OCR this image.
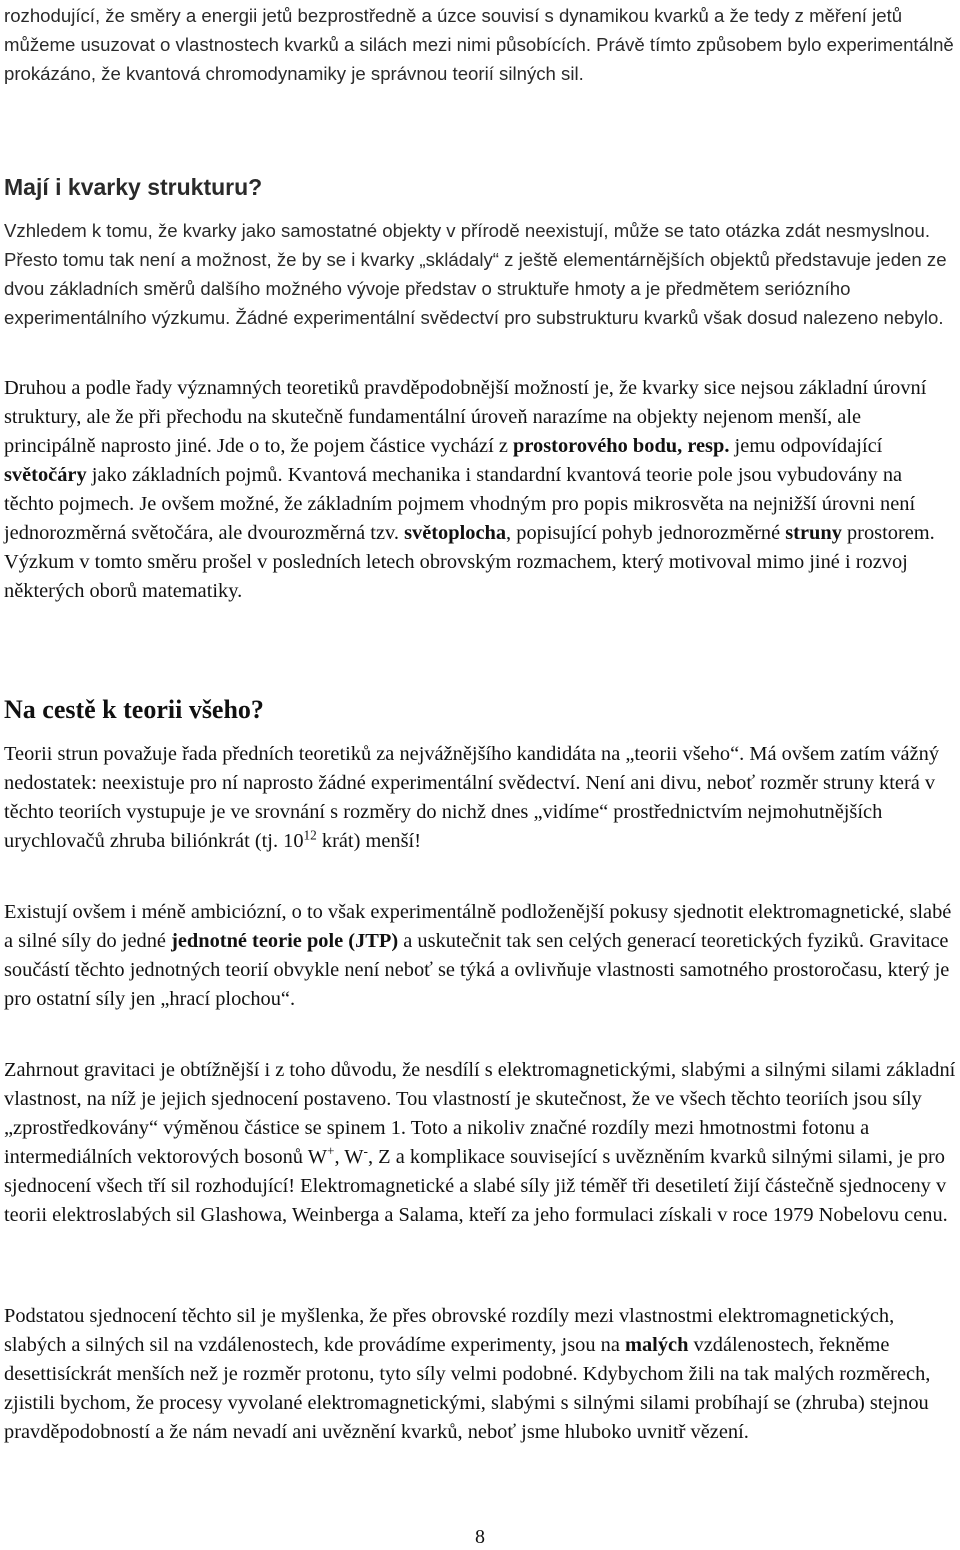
rozhodující, že směry a energii jetů bezprostředně a úzce souvisí s dynamikou kvarků a že tedy z měření jetů můžeme usuzovat o vlastnostech kvarků a silách mezi nimi působících. Právě tímto způsobem bylo experimentálně prokázáno, že kvantová chromodynamiky je správnou teorií silných sil.

Mají i kvarky strukturu?

Vzhledem k tomu, že kvarky jako samostatné objekty v přírodě neexistují, může se tato otázka zdát nesmyslnou. Přesto tomu tak není a možnost, že by se i kvarky „skládaly“ z ještě elementárnějších objektů představuje jeden ze dvou základních směrů dalšího možného vývoje představ o struktuře hmoty a je předmětem seriózního experimentálního výzkumu. Žádné experimentální svědectví pro substrukturu kvarků však dosud nalezeno nebylo.

Druhou a podle řady významných teoretiků pravděpodobnější možností je, že kvarky sice nejsou základní úrovní struktury, ale že při přechodu na skutečně fundamentální úroveň narazíme na objekty nejenom menší, ale principálně naprosto jiné. Jde o to, že pojem částice vychází z prostorového bodu, resp. jemu odpovídající světočáry jako základních pojmů. Kvantová mechanika i standardní kvantová teorie pole jsou vybudovány na těchto pojmech. Je ovšem možné, že základním pojmem vhodným pro popis mikrosvěta na nejnižší úrovni není jednorozměrná světočára, ale dvourozměrná tzv. světoplocha, popisující pohyb jednorozměrné struny prostorem. Výzkum v tomto směru prošel v posledních letech obrovským rozmachem, který motivoval mimo jiné i rozvoj některých oborů matematiky.

Na cestě k teorii všeho?

Teorii strun považuje řada předních teoretiků za nejvážnějšího kandidáta na „teorii všeho“. Má ovšem zatím vážný nedostatek: neexistuje pro ní naprosto žádné experimentální svědectví. Není ani divu, neboť rozměr struny která v těchto teoriích vystupuje je ve srovnání s rozměry do nichž dnes „vidíme“ prostřednictvím nejmohutnějších urychlovačů zhruba biliónkrát (tj. $10^{12}$ krát) menší!

Existují ovšem i méně ambiciózní, o to však experimentálně podloženější pokusy sjednotit elektromagnetické, slabé a silné síly do jedné jednotné teorie pole (JTP) a uskutečnit tak sen celých generací teoretických fyziků. Gravitace součástí těchto jednotných teorií obvykle není neboť se týká a ovlivňuje vlastnosti samotného prostoročasu, který je pro ostatní síly jen „hrací plochou“.

Zahrnout gravitaci je obtížnější i z toho důvodu, že nesdílí s elektromagnetickými, slabými a silnými silami základní vlastnost, na níž je jejich sjednocení postaveno. Tou vlastností je skutečnost, že ve všech těchto teoriích jsou síly „zprostředkovány“ výměnou částice se spinem 1. Toto a nikoliv značné rozdíly mezi hmotnostmi fotonu a intermediálních vektorových bosonů W+, W-, Z a komplikace související s uvězněním kvarků silnými silami, je pro sjednocení všech tří sil rozhodující! Elektromagnetické a slabé síly již téměř tři desetiletí žijí částečně sjednoceny v teorii elektroslabých sil Glashowa, Weinberga a Salama, kteří za jeho formulaci získali v roce 1979 Nobelovu cenu.

Podstatou sjednocení těchto sil je myšlenka, že přes obrovské rozdíly mezi vlastnostmi elektromagnetických, slabých a silných sil na vzdálenostech, kde provádíme experimenty, jsou na malých vzdálenostech, řekněme desettisíckrát menších než je rozměr protonu, tyto síly velmi podobné. Kdybychom žili na tak malých rozměrech, zjistili bychom, že procesy vyvolané elektromagnetickými, slabými s silnými silami probíhají se (zhruba) stejnou pravděpodobností a že nám nevadí ani uvěznění kvarků, neboť jsme hluboko uvnitř vězení.

8
